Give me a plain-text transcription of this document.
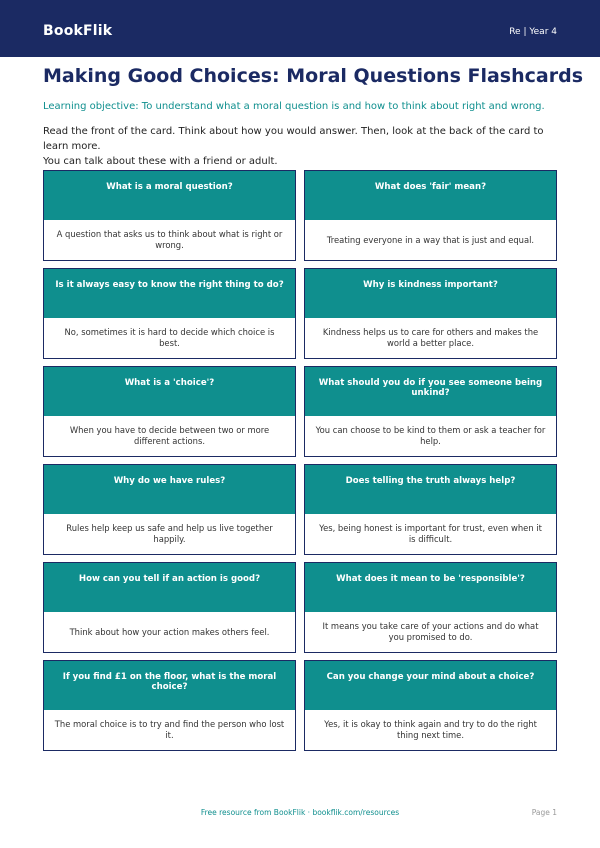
BookFlik	Re | Year 4
Making Good Choices: Moral Questions Flashcards
Learning objective: To understand what a moral question is and how to think about right and wrong.

Read the front of the card. Think about how you would answer. Then, look at the back of the card to learn more.

You can talk about these with a friend or adult.

What is a moral question?
A question that asks us to think about what is right or wrong.
What does 'fair' mean?
Treating everyone in a way that is just and equal.
Is it always easy to know the right thing to do?
No, sometimes it is hard to decide which choice is best.
Why is kindness important?
Kindness helps us to care for others and makes the world a better place.
What is a 'choice'?
When you have to decide between two or more different actions.
What should you do if you see someone being unkind?
You can choose to be kind to them or ask a teacher for help.
Why do we have rules?
Rules help keep us safe and help us live together happily.
Does telling the truth always help?
Yes, being honest is important for trust, even when it is difficult.
How can you tell if an action is good?
Think about how your action makes others feel.
What does it mean to be 'responsible'?
It means you take care of your actions and do what you promised to do.
If you find £1 on the floor, what is the moral choice?
The moral choice is to try and find the person who lost it.
Can you change your mind about a choice?
Yes, it is okay to think again and try to do the right thing next time.
Free resource from BookFlik · bookflik.com/resources	Page 1
